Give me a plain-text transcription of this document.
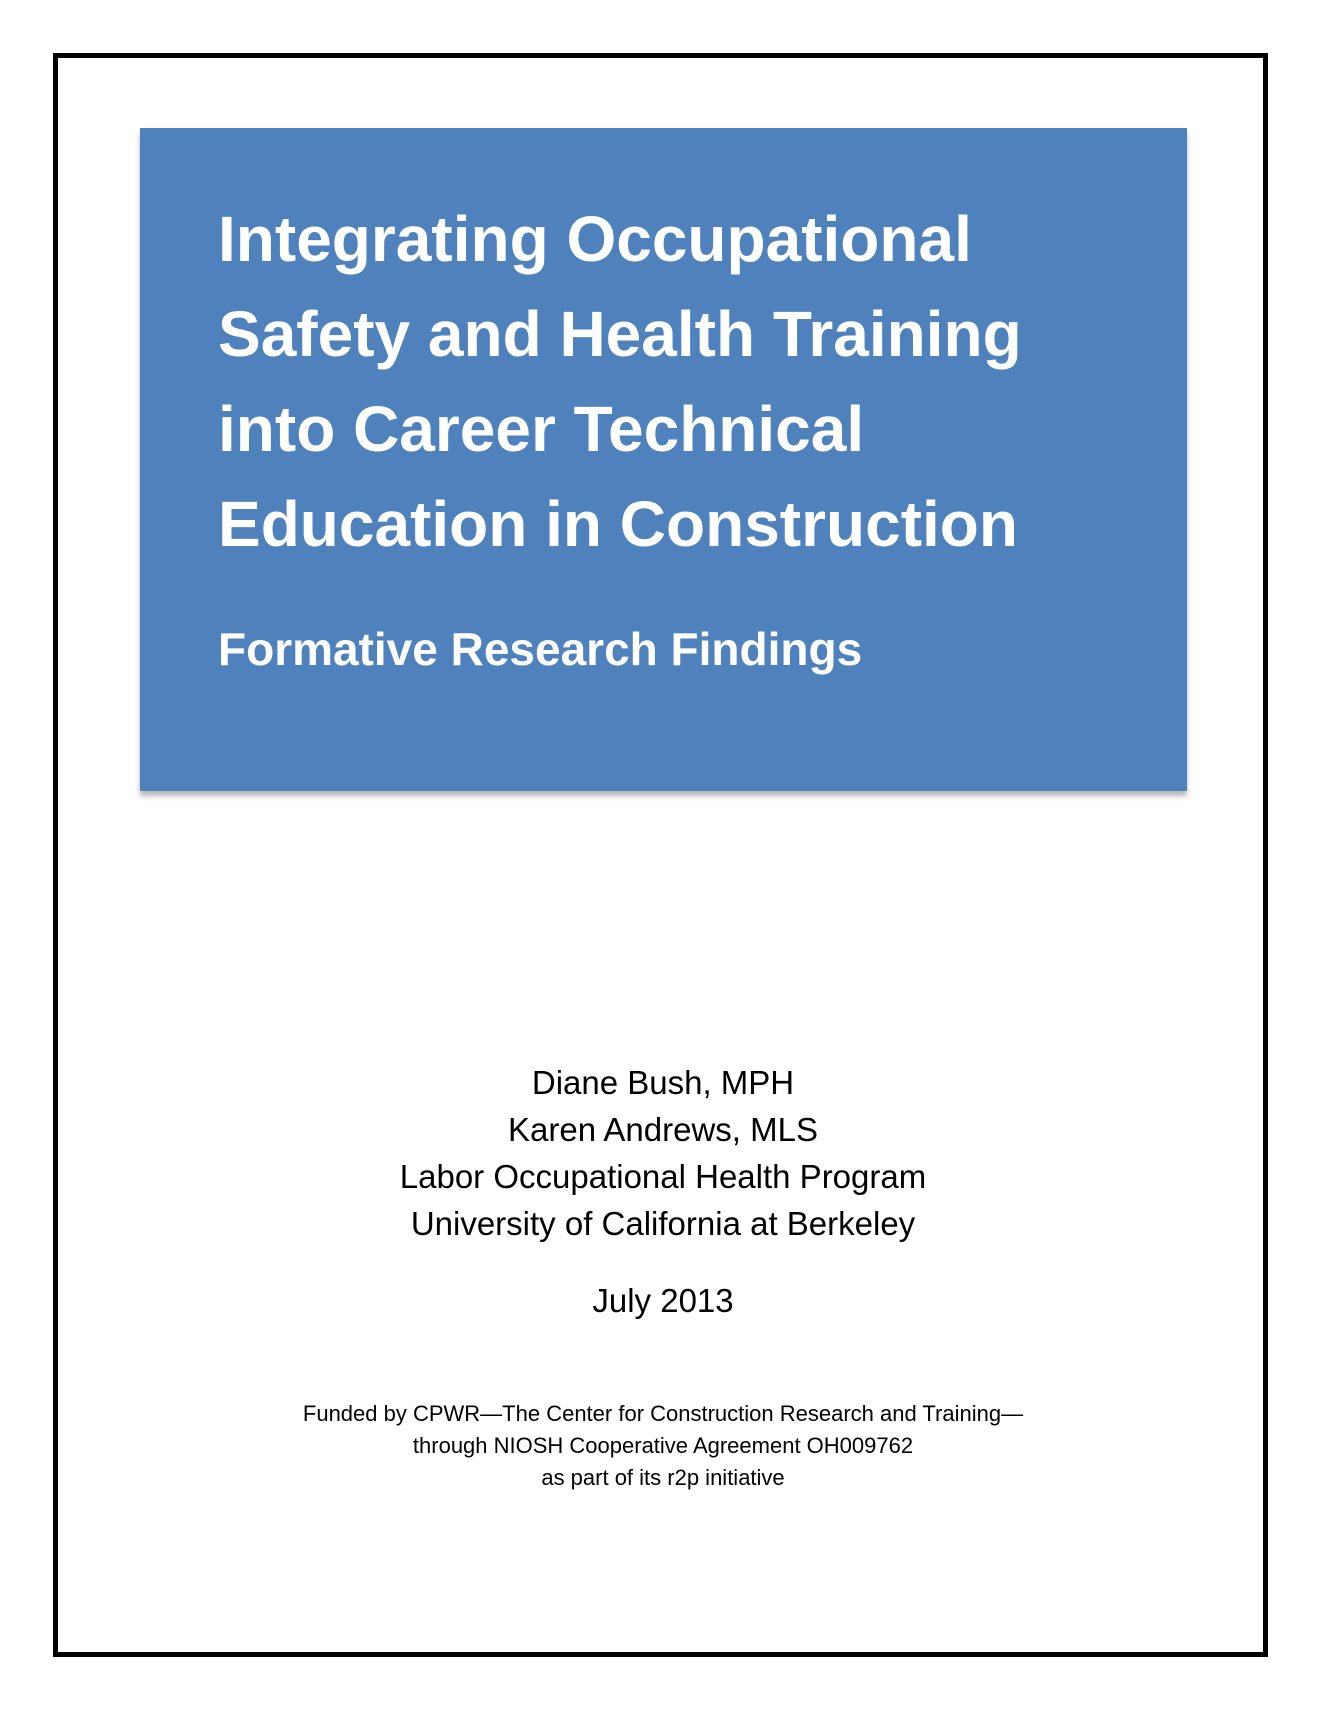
Integrating Occupational
Safety and Health Training
into Career Technical
Education in Construction
Formative Research Findings
Diane Bush, MPH
Karen Andrews, MLS
Labor Occupational Health Program
University of California at Berkeley
July 2013
Funded by CPWR—The Center for Construction Research and Training—
through NIOSH Cooperative Agreement OH009762
as part of its r2p initiative
